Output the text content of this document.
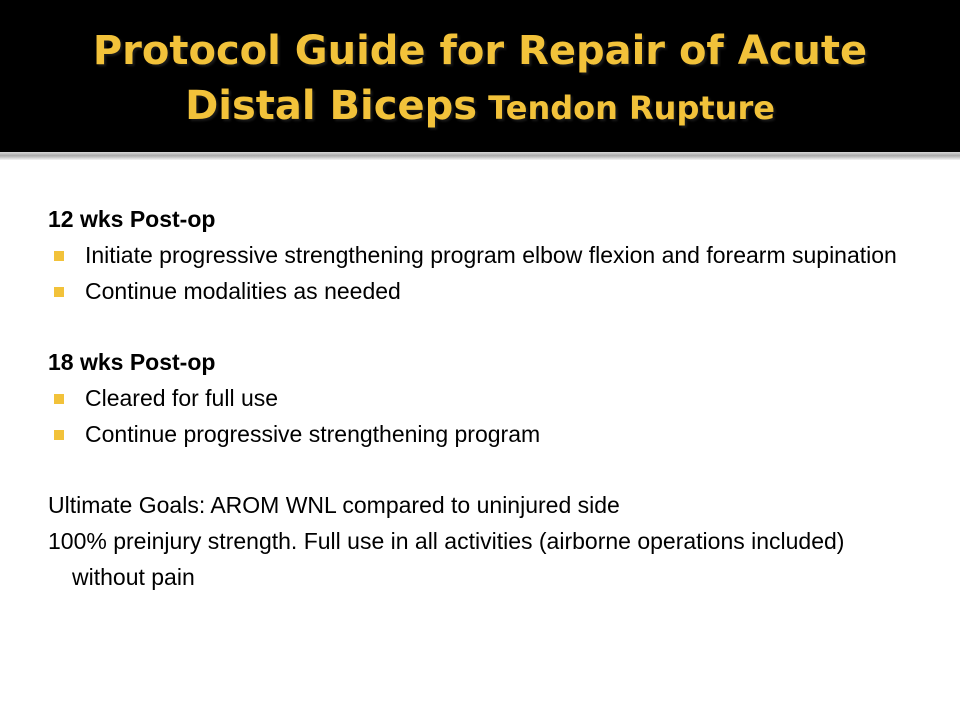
Protocol Guide for Repair of Acute
Distal Biceps Tendon Rupture
12 wks Post-op
Initiate progressive strengthening program elbow flexion and forearm supination
Continue modalities as needed
18 wks Post-op
Cleared for full use
Continue progressive strengthening program
Ultimate Goals: AROM WNL compared to uninjured side
100% preinjury strength. Full use in all activities (airborne operations included) without pain
